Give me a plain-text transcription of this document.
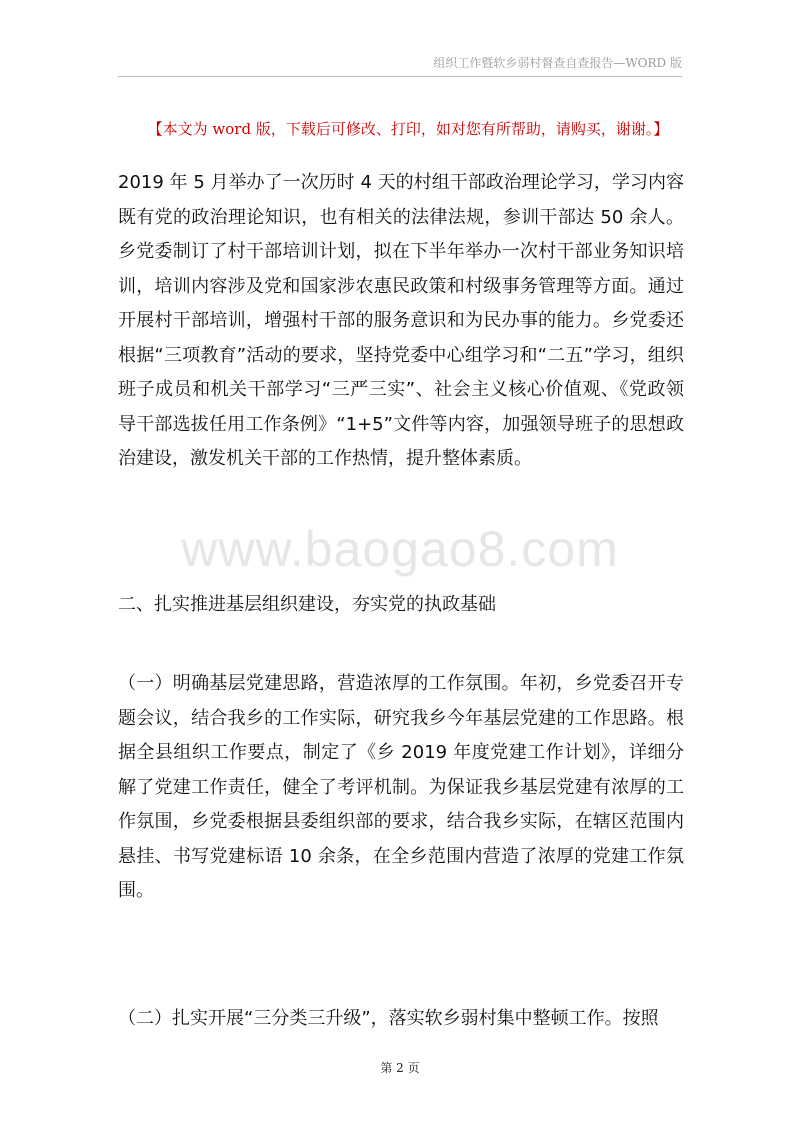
组织工作暨软乡弱村督查自查报告—WORD 版
【本文为 word 版，下载后可修改、打印，如对您有所帮助，请购买，谢谢。】

2019 年 5 月举办了一次历时 4 天的村组干部政治理论学习，学习内容既有党的政治理论知识，也有相关的法律法规，参训干部达 50 余人。乡党委制订了村干部培训计划，拟在下半年举办一次村干部业务知识培训，培训内容涉及党和国家涉农惠民政策和村级事务管理等方面。通过开展村干部培训，增强村干部的服务意识和为民办事的能力。乡党委还根据“三项教育”活动的要求，坚持党委中心组学习和“二五”学习，组织班子成员和机关干部学习“三严三实”、社会主义核心价值观、《党政领导干部选拔任用工作条例》“1+5”文件等内容，加强领导班子的思想政治建设，激发机关干部的工作热情，提升整体素质。

www.baogao8.com

二、扎实推进基层组织建设，夯实党的执政基础

（一）明确基层党建思路，营造浓厚的工作氛围。年初，乡党委召开专题会议，结合我乡的工作实际，研究我乡今年基层党建的工作思路。根据全县组织工作要点，制定了《乡 2019 年度党建工作计划》，详细分解了党建工作责任，健全了考评机制。为保证我乡基层党建有浓厚的工作氛围，乡党委根据县委组织部的要求，结合我乡实际，在辖区范围内悬挂、书写党建标语 10 余条，在全乡范围内营造了浓厚的党建工作氛围。

（二）扎实开展“三分类三升级”，落实软乡弱村集中整顿工作。按照

第 2 页
